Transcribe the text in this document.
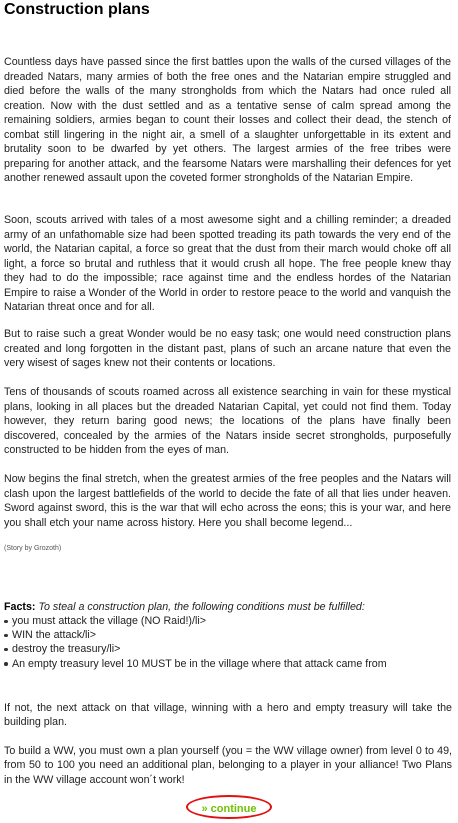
Construction plans

Countless days have passed since the first battles upon the walls of the cursed villages of the dreaded Natars, many armies of both the free ones and the Natarian empire struggled and died before the walls of the many strongholds from which the Natars had once ruled all creation. Now with the dust settled and as a tentative sense of calm spread among the remaining soldiers, armies began to count their losses and collect their dead, the stench of combat still lingering in the night air, a smell of a slaughter unforgettable in its extent and brutality soon to be dwarfed by yet others. The largest armies of the free tribes were preparing for another attack, and the fearsome Natars were marshalling their defences for yet another renewed assault upon the coveted former strongholds of the Natarian Empire.

Soon, scouts arrived with tales of a most awesome sight and a chilling reminder; a dreaded army of an unfathomable size had been spotted treading its path towards the very end of the world, the Natarian capital, a force so great that the dust from their march would choke off all light, a force so brutal and ruthless that it would crush all hope. The free people knew thay they had to do the impossible; race against time and the endless hordes of the Natarian Empire to raise a Wonder of the World in order to restore peace to the world and vanquish the Natarian threat once and for all.

But to raise such a great Wonder would be no easy task; one would need construction plans created and long forgotten in the distant past, plans of such an arcane nature that even the very wisest of sages knew not their contents or locations.

Tens of thousands of scouts roamed across all existence searching in vain for these mystical plans, looking in all places but the dreaded Natarian Capital, yet could not find them. Today however, they return baring good news; the locations of the plans have finally been discovered, concealed by the armies of the Natars inside secret strongholds, purposefully constructed to be hidden from the eyes of man.

Now begins the final stretch, when the greatest armies of the free peoples and the Natars will clash upon the largest battlefields of the world to decide the fate of all that lies under heaven. Sword against sword, this is the war that will echo across the eons; this is your war, and here you shall etch your name across history. Here you shall become legend...

(Story by Grozoth)
Facts: To steal a construction plan, the following conditions must be fulfilled:
you must attack the village (NO Raid!)/li>
WIN the attack/li>
destroy the treasury/li>
An empty treasury level 10 MUST be in the village where that attack came from

If not, the next attack on that village, winning with a hero and empty treasury will take the building plan.

To build a WW, you must own a plan yourself (you = the WW village owner) from level 0 to 49, from 50 to 100 you need an additional plan, belonging to a player in your alliance! Two Plans in the WW village account won´t work!

» continue
